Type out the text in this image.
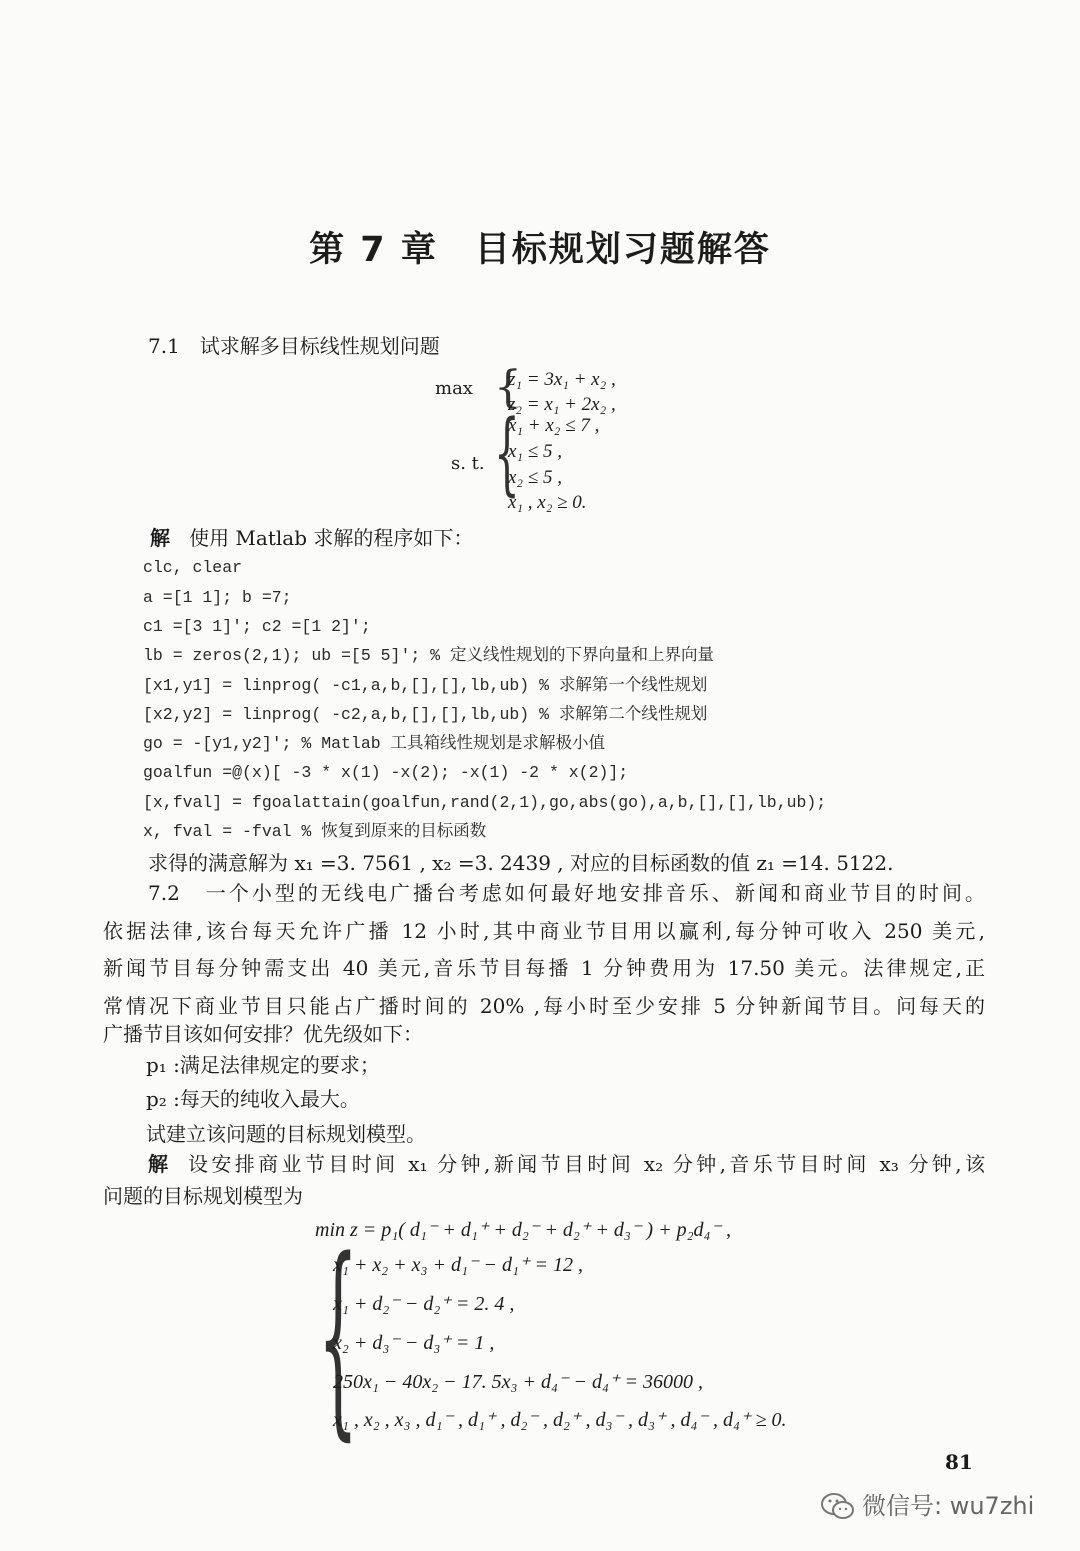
第 7 章　目标规划习题解答
7.1　试求解多目标线性规划问题
max {
z₁ = 3x₁ + x₂ ,
z₂ = x₁ + 2x₂ ,
s. t. {
x₁ + x₂ ≤ 7 ,
x₁ ≤ 5 ,
x₂ ≤ 5 ,
x₁ , x₂ ≥ 0.
解 使用 Matlab 求解的程序如下：
clc, clear
a =[1 1]; b =7;
c1 =[3 1]′; c2 =[1 2]′;
lb = zeros(2,1); ub =[5 5]′; % 定义线性规划的下界向量和上界向量
[x1,y1] = linprog( -c1,a,b,[],[],lb,ub) % 求解第一个线性规划
[x2,y2] = linprog( -c2,a,b,[],[],lb,ub) % 求解第二个线性规划
go = -[y1,y2]′; % Matlab 工具箱线性规划是求解极小值
goalfun =@(x)[ -3 * x(1) -x(2); -x(1) -2 * x(2)];
[x,fval] = fgoalattain(goalfun,rand(2,1),go,abs(go),a,b,[],[],lb,ub);
x, fval = -fval % 恢复到原来的目标函数
求得的满意解为 x₁ =3. 7561 , x₂ =3. 2439 , 对应的目标函数的值 z₁ =14. 5122.
7.2　一个小型的无线电广播台考虑如何最好地安排音乐、新闻和商业节目的时间。
依据法律,该台每天允许广播 12 小时,其中商业节目用以赢利,每分钟可收入 250 美元,
新闻节目每分钟需支出 40 美元,音乐节目每播 1 分钟费用为 17.50 美元。法律规定,正
常情况下商业节目只能占广播时间的 20% ,每小时至少安排 5 分钟新闻节目。问每天的
广播节目该如何安排？优先级如下：
p₁ :满足法律规定的要求；
p₂ :每天的纯收入最大。
试建立该问题的目标规划模型。
解 设安排商业节目时间 x₁ 分钟,新闻节目时间 x₂ 分钟,音乐节目时间 x₃ 分钟,该
问题的目标规划模型为
min z = p₁( d₁⁻ + d₁⁺ + d₂⁻ + d₂⁺ + d₃⁻ ) + p₂d₄⁻ ,
{
x₁ + x₂ + x₃ + d₁⁻ − d₁⁺ = 12 ,
x₁ + d₂⁻ − d₂⁺ = 2. 4 ,
x₂ + d₃⁻ − d₃⁺ = 1 ,
250x₁ − 40x₂ − 17. 5x₃ + d₄⁻ − d₄⁺ = 36000 ,
x₁ , x₂ , x₃ , d₁⁻ , d₁⁺ , d₂⁻ , d₂⁺ , d₃⁻ , d₃⁺ , d₄⁻ , d₄⁺ ≥ 0.
81
微信号: wu7zhi
